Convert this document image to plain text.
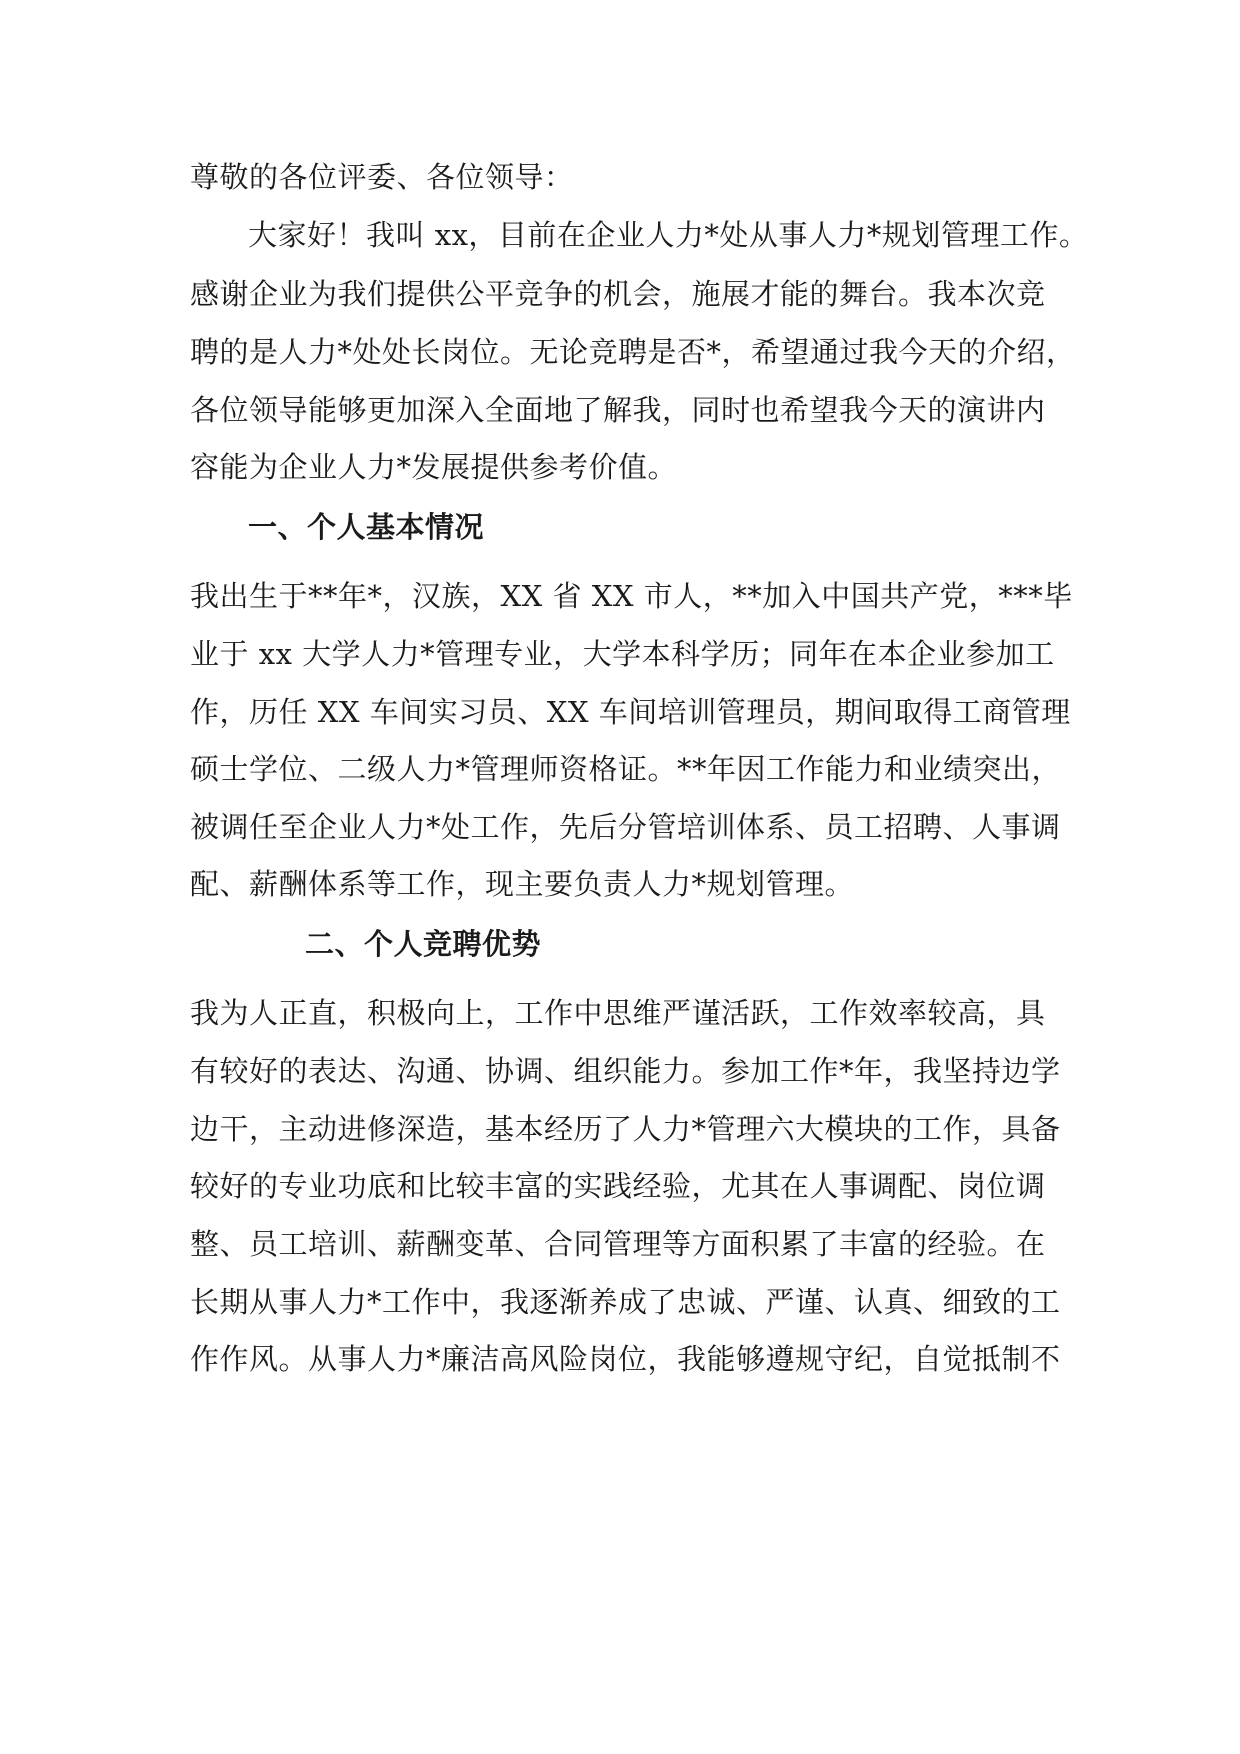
尊敬的各位评委、各位领导：
大家好！我叫 xx，目前在企业人力*处从事人力*规划管理工作。
感谢企业为我们提供公平竞争的机会，施展才能的舞台。我本次竞
聘的是人力*处处长岗位。无论竞聘是否*，希望通过我今天的介绍，
各位领导能够更加深入全面地了解我，同时也希望我今天的演讲内
容能为企业人力*发展提供参考价值。
一、个人基本情况
我出生于**年*，汉族，XX 省 XX 市人，**加入中国共产党，***毕
业于 xx 大学人力*管理专业，大学本科学历；同年在本企业参加工
作，历任 XX 车间实习员、XX 车间培训管理员，期间取得工商管理
硕士学位、二级人力*管理师资格证。**年因工作能力和业绩突出，
被调任至企业人力*处工作，先后分管培训体系、员工招聘、人事调
配、薪酬体系等工作，现主要负责人力*规划管理。
二、个人竞聘优势
我为人正直，积极向上，工作中思维严谨活跃，工作效率较高，具
有较好的表达、沟通、协调、组织能力。参加工作*年，我坚持边学
边干，主动进修深造，基本经历了人力*管理六大模块的工作，具备
较好的专业功底和比较丰富的实践经验，尤其在人事调配、岗位调
整、员工培训、薪酬变革、合同管理等方面积累了丰富的经验。在
长期从事人力*工作中，我逐渐养成了忠诚、严谨、认真、细致的工
作作风。从事人力*廉洁高风险岗位，我能够遵规守纪，自觉抵制不
